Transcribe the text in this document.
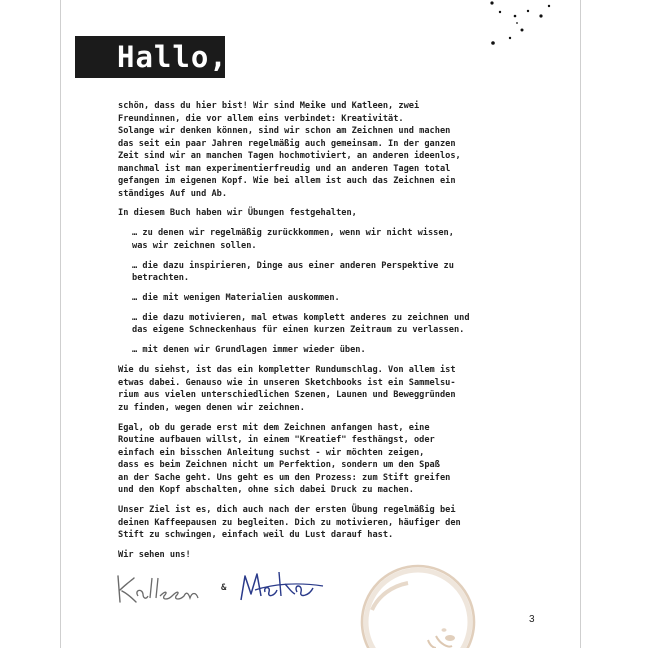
Hallo,

schön, dass du hier bist! Wir sind Meike und Katleen, zwei
Freundinnen, die vor allem eins verbindet: Kreativität.
Solange wir denken können, sind wir schon am Zeichnen und machen
das seit ein paar Jahren regelmäßig auch gemeinsam. In der ganzen
Zeit sind wir an manchen Tagen hochmotiviert, an anderen ideenlos,
manchmal ist man experimentierfreudig und an anderen Tagen total
gefangen im eigenen Kopf. Wie bei allem ist auch das Zeichnen ein
ständiges Auf und Ab.

In diesem Buch haben wir Übungen festgehalten,

… zu denen wir regelmäßig zurückkommen, wenn wir nicht wissen,
was wir zeichnen sollen.

… die dazu inspirieren, Dinge aus einer anderen Perspektive zu
betrachten.

… die mit wenigen Materialien auskommen.

… die dazu motivieren, mal etwas komplett anderes zu zeichnen und
das eigene Schneckenhaus für einen kurzen Zeitraum zu verlassen.

… mit denen wir Grundlagen immer wieder üben.

Wie du siehst, ist das ein kompletter Rundumschlag. Von allem ist
etwas dabei. Genauso wie in unseren Sketchbooks ist ein Sammelsu-
rium aus vielen unterschiedlichen Szenen, Launen und Beweggründen
zu finden, wegen denen wir zeichnen.

Egal, ob du gerade erst mit dem Zeichnen anfangen hast, eine
Routine aufbauen willst, in einem "Kreatief" festhängst, oder
einfach ein bisschen Anleitung suchst - wir möchten zeigen,
dass es beim Zeichnen nicht um Perfektion, sondern um den Spaß
an der Sache geht. Uns geht es um den Prozess: zum Stift greifen
und den Kopf abschalten, ohne sich dabei Druck zu machen.

Unser Ziel ist es, dich auch nach der ersten Übung regelmäßig bei
deinen Kaffeepausen zu begleiten. Dich zu motivieren, häufiger den
Stift zu schwingen, einfach weil du Lust darauf hast.

Wir sehen uns!

&
3
